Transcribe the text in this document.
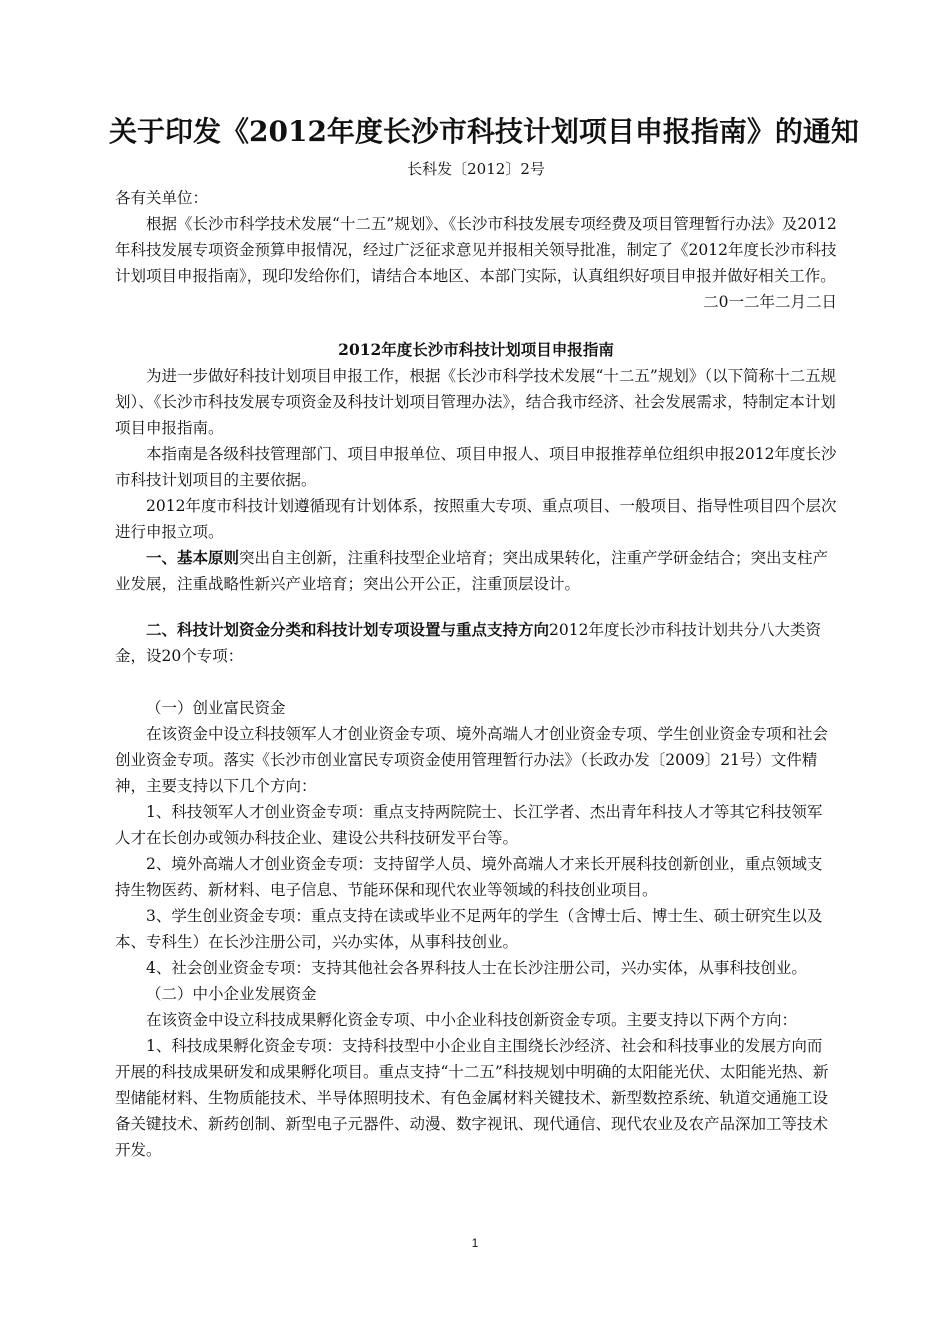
关于印发《2012年度长沙市科技计划项目申报指南》的通知
长科发〔2012〕2号

各有关单位：

根据《长沙市科学技术发展“十二五”规划》、《长沙市科技发展专项经费及项目管理暂行办法》及2012年科技发展专项资金预算申报情况，经过广泛征求意见并报相关领导批准，制定了《2012年度长沙市科技计划项目申报指南》，现印发给你们，请结合本地区、本部门实际，认真组织好项目申报并做好相关工作。

二0一二年二月二日

2012年度长沙市科技计划项目申报指南

为进一步做好科技计划项目申报工作，根据《长沙市科学技术发展“十二五”规划》（以下简称十二五规划）、《长沙市科技发展专项资金及科技计划项目管理办法》，结合我市经济、社会发展需求，特制定本计划项目申报指南。

本指南是各级科技管理部门、项目申报单位、项目申报人、项目申报推荐单位组织申报2012年度长沙市科技计划项目的主要依据。

2012年度市科技计划遵循现有计划体系，按照重大专项、重点项目、一般项目、指导性项目四个层次进行申报立项。

一、基本原则突出自主创新，注重科技型企业培育；突出成果转化，注重产学研金结合；突出支柱产业发展，注重战略性新兴产业培育；突出公开公正，注重顶层设计。

二、科技计划资金分类和科技计划专项设置与重点支持方向2012年度长沙市科技计划共分八大类资金，设20个专项：

（一）创业富民资金

在该资金中设立科技领军人才创业资金专项、境外高端人才创业资金专项、学生创业资金专项和社会创业资金专项。落实《长沙市创业富民专项资金使用管理暂行办法》（长政办发〔2009〕21号）文件精神，主要支持以下几个方向：

1、科技领军人才创业资金专项：重点支持两院院士、长江学者、杰出青年科技人才等其它科技领军人才在长创办或领办科技企业、建设公共科技研发平台等。

2、境外高端人才创业资金专项：支持留学人员、境外高端人才来长开展科技创新创业，重点领域支持生物医药、新材料、电子信息、节能环保和现代农业等领域的科技创业项目。

3、学生创业资金专项：重点支持在读或毕业不足两年的学生（含博士后、博士生、硕士研究生以及本、专科生）在长沙注册公司，兴办实体，从事科技创业。

4、社会创业资金专项：支持其他社会各界科技人士在长沙注册公司，兴办实体，从事科技创业。

（二）中小企业发展资金

在该资金中设立科技成果孵化资金专项、中小企业科技创新资金专项。主要支持以下两个方向：

1、科技成果孵化资金专项：支持科技型中小企业自主围绕长沙经济、社会和科技事业的发展方向而开展的科技成果研发和成果孵化项目。重点支持“十二五”科技规划中明确的太阳能光伏、太阳能光热、新型储能材料、生物质能技术、半导体照明技术、有色金属材料关键技术、新型数控系统、轨道交通施工设备关键技术、新药创制、新型电子元器件、动漫、数字视讯、现代通信、现代农业及农产品深加工等技术开发。

1
